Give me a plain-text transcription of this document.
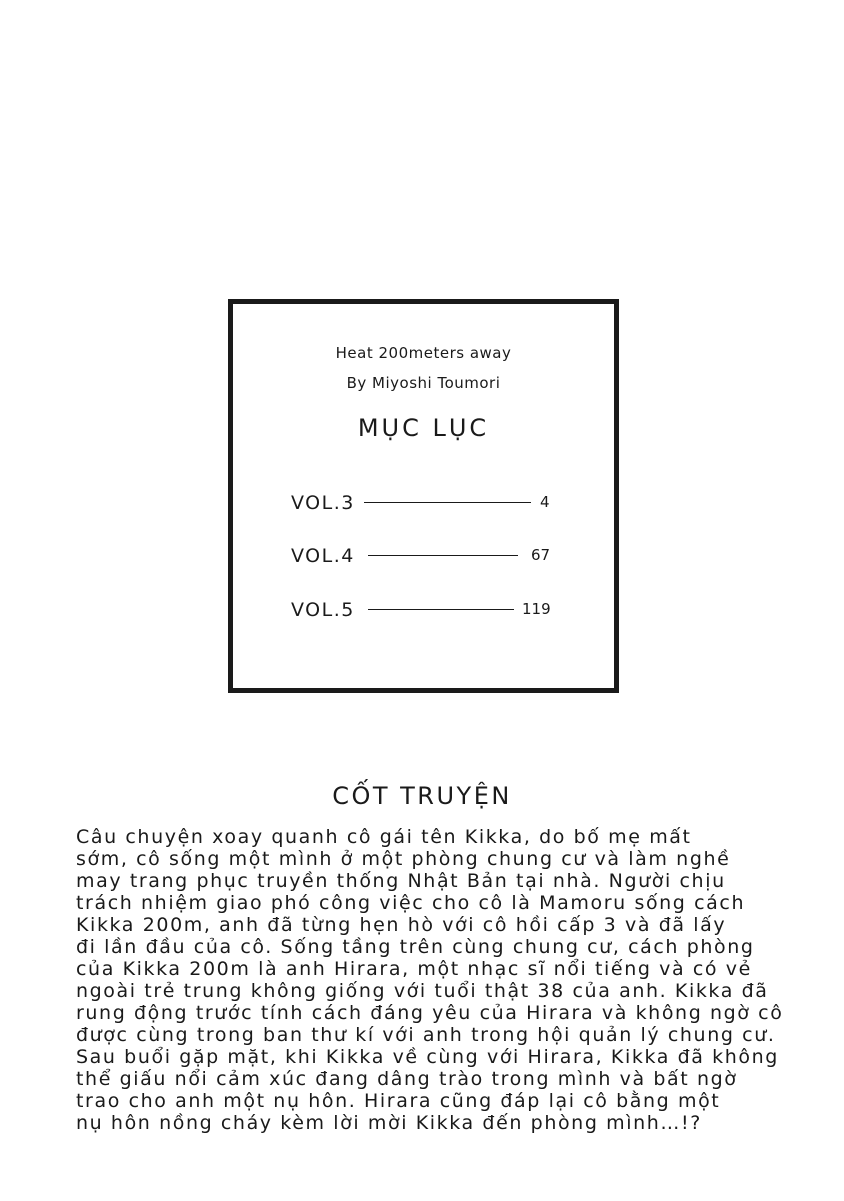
Heat 200meters away
By Miyoshi Toumori
MỤC LỤC
VOL.3	4
VOL.4	67
VOL.5	119
CỐT TRUYỆN
Câu chuyện xoay quanh cô gái tên Kikka, do bố mẹ mất
sớm, cô sống một mình ở một phòng chung cư và làm nghề
may trang phục truyền thống Nhật Bản tại nhà. Người chịu
trách nhiệm giao phó công việc cho cô là Mamoru sống cách
Kikka 200m, anh đã từng hẹn hò với cô hồi cấp 3 và đã lấy
đi lần đầu của cô. Sống tầng trên cùng chung cư, cách phòng
của Kikka 200m là anh Hirara, một nhạc sĩ nổi tiếng và có vẻ
ngoài trẻ trung không giống với tuổi thật 38 của anh. Kikka đã
rung động trước tính cách đáng yêu của Hirara và không ngờ cô
được cùng trong ban thư kí với anh trong hội quản lý chung cư.
Sau buổi gặp mặt, khi Kikka về cùng với Hirara, Kikka đã không
thể giấu nổi cảm xúc đang dâng trào trong mình và bất ngờ
trao cho anh một nụ hôn. Hirara cũng đáp lại cô bằng một
nụ hôn nồng cháy kèm lời mời Kikka đến phòng mình…!?
